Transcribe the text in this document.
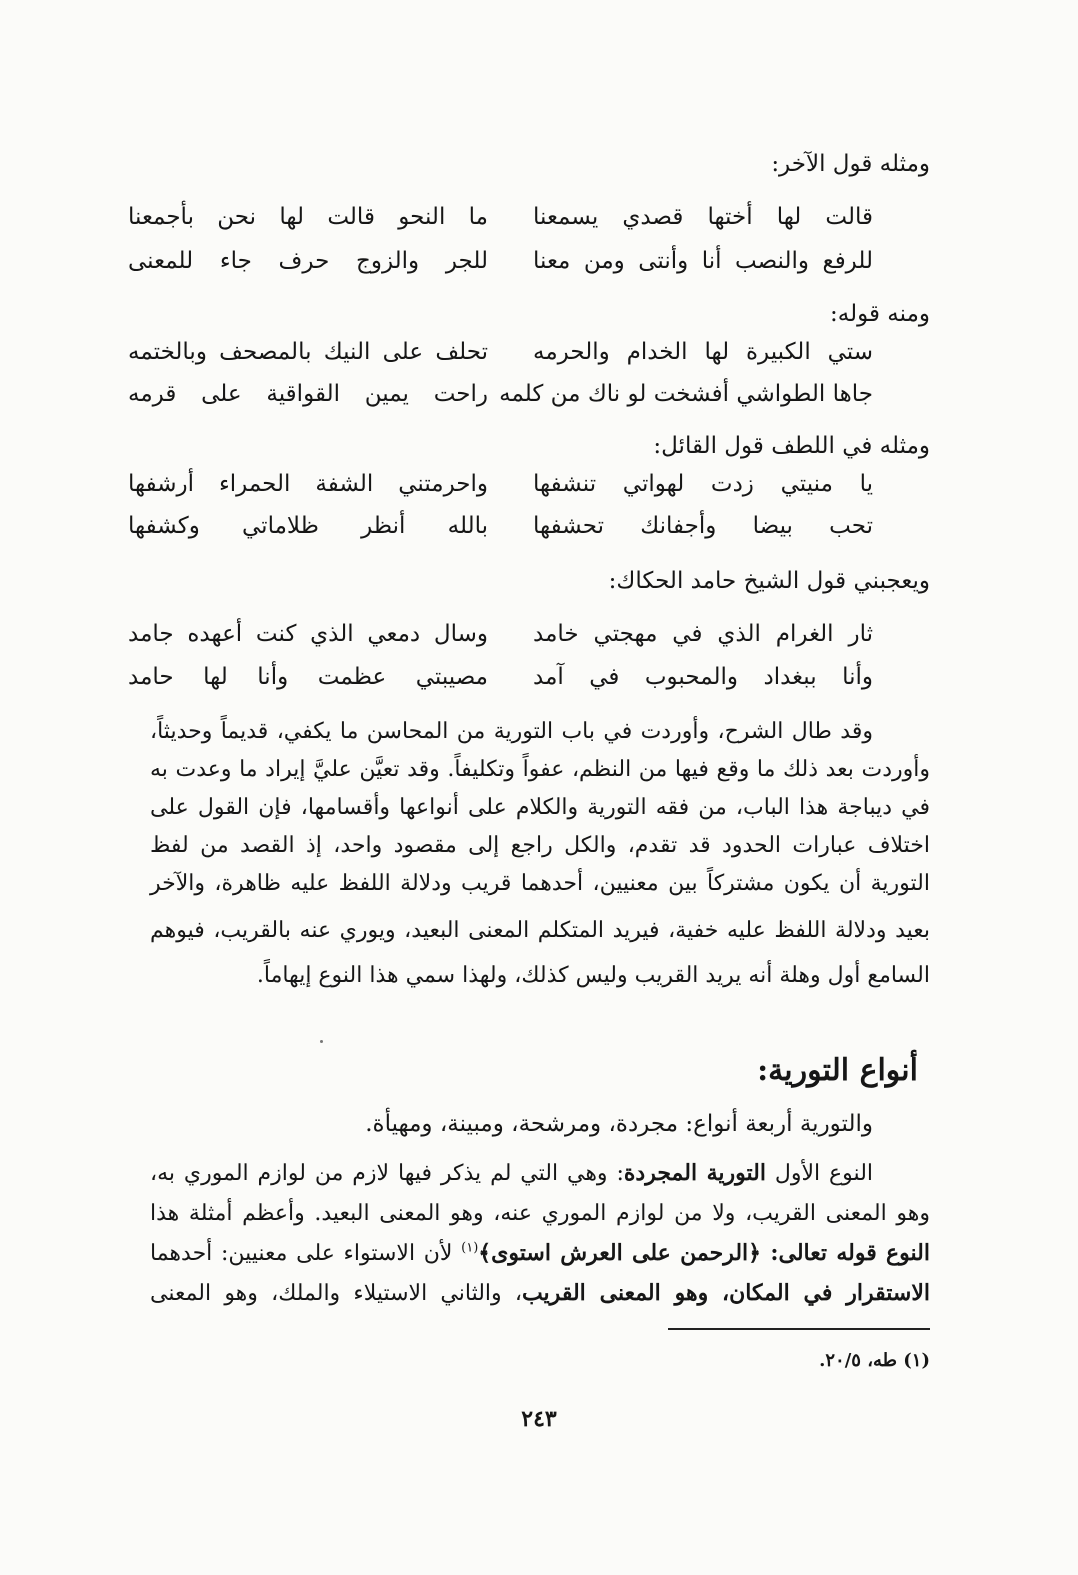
ومثله قول الآخر:
قالت لها أختها قصدي يسمعنا
ما النحو قالت لها نحن بأجمعنا
للرفع والنصب أنا وأنتى ومن معنا
للجر والزوج حرف جاء للمعنى
ومنه قوله:
ستي الكبيرة لها الخدام والحرمه
تحلف على النيك بالمصحف وبالختمه
جاها الطواشي أفشخت لو ناك من كلمه
راحت يمين القواقية على قرمه
ومثله في اللطف قول القائل:
يا منيتي زدت لهواتي تنشفها
واحرمتني الشفة الحمراء أرشفها
تحب بيضا وأجفانك تحشفها
بالله أنظر ظلاماتي وكشفها
ويعجبني قول الشيخ حامد الحكاك:
ثار الغرام الذي في مهجتي خامد
وسال دمعي الذي كنت أعهده جامد
وأنا ببغداد والمحبوب في آمد
مصيبتي عظمت وأنا لها حامد
وقد طال الشرح، وأوردت في باب التورية من المحاسن ما يكفي، قديماً وحديثاً،
وأوردت بعد ذلك ما وقع فيها من النظم، عفواً وتكليفاً. وقد تعيَّن عليَّ إيراد ما وعدت به
في ديباجة هذا الباب، من فقه التورية والكلام على أنواعها وأقسامها، فإن القول على
اختلاف عبارات الحدود قد تقدم، والكل راجع إلى مقصود واحد، إذ القصد من لفظ
التورية أن يكون مشتركاً بين معنيين، أحدهما قريب ودلالة اللفظ عليه ظاهرة، والآخر
بعيد ودلالة اللفظ عليه خفية، فيريد المتكلم المعنى البعيد، ويوري عنه بالقريب، فيوهم
السامع أول وهلة أنه يريد القريب وليس كذلك، ولهذا سمي هذا النوع إيهاماً.
أنواع التورية:
والتورية أربعة أنواع: مجردة، ومرشحة، ومبينة، ومهيأة.
النوع الأول التورية المجردة: وهي التي لم يذكر فيها لازم من لوازم الموري به،
وهو المعنى القريب، ولا من لوازم الموري عنه، وهو المعنى البعيد. وأعظم أمثلة هذا
النوع قوله تعالى: ﴿الرحمن على العرش استوى﴾$^{(١)}$ لأن الاستواء على معنيين: أحدهما
الاستقرار في المكان، وهو المعنى القريب، والثاني الاستيلاء والملك، وهو المعنى
(١) طه، ٢٠/٥.
٢٤٣
